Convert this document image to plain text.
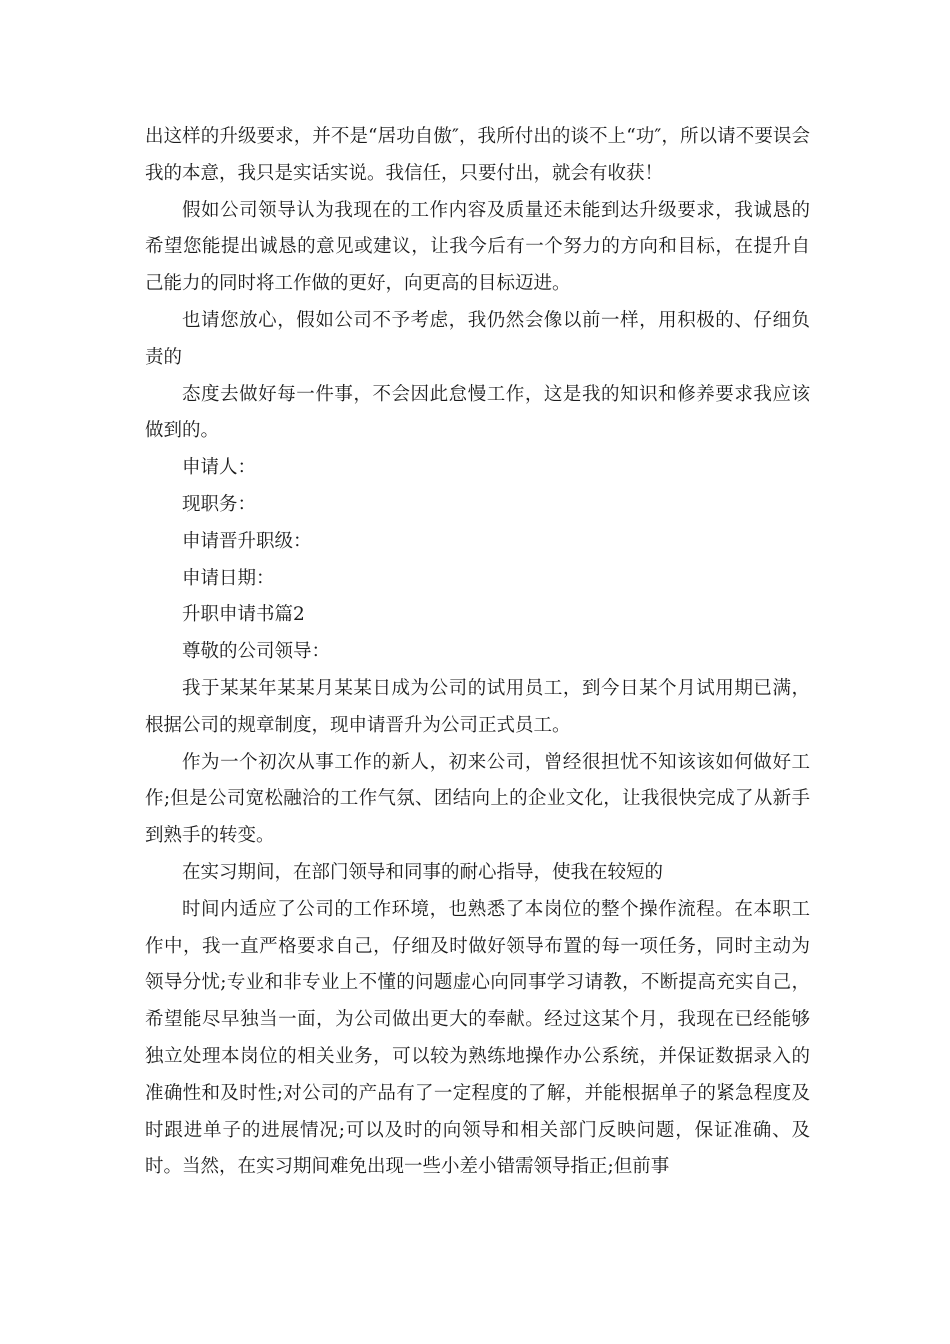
出这样的升级要求，并不是“居功自傲″，我所付出的谈不上“功″，所以请不要误会我的本意，我只是实话实说。我信任，只要付出，就会有收获！

假如公司领导认为我现在的工作内容及质量还未能到达升级要求，我诚恳的希望您能提出诚恳的意见或建议，让我今后有一个努力的方向和目标，在提升自己能力的同时将工作做的更好，向更高的目标迈进。

也请您放心，假如公司不予考虑，我仍然会像以前一样，用积极的、仔细负责的

态度去做好每一件事，不会因此怠慢工作，这是我的知识和修养要求我应该做到的。

申请人：

现职务：

申请晋升职级：

申请日期：

升职申请书篇2

尊敬的公司领导：

我于某某年某某月某某日成为公司的试用员工，到今日某个月试用期已满，根据公司的规章制度，现申请晋升为公司正式员工。

作为一个初次从事工作的新人，初来公司，曾经很担忧不知该该如何做好工作;但是公司宽松融洽的工作气氛、团结向上的企业文化，让我很快完成了从新手到熟手的转变。

在实习期间，在部门领导和同事的耐心指导，使我在较短的

时间内适应了公司的工作环境，也熟悉了本岗位的整个操作流程。在本职工作中，我一直严格要求自己，仔细及时做好领导布置的每一项任务，同时主动为领导分忧;专业和非专业上不懂的问题虚心向同事学习请教，不断提高充实自己，希望能尽早独当一面，为公司做出更大的奉献。经过这某个月，我现在已经能够独立处理本岗位的相关业务，可以较为熟练地操作办公系统，并保证数据录入的准确性和及时性;对公司的产品有了一定程度的了解，并能根据单子的紧急程度及时跟进单子的进展情况;可以及时的向领导和相关部门反映问题，保证准确、及时。当然，在实习期间难免出现一些小差小错需领导指正;但前事
